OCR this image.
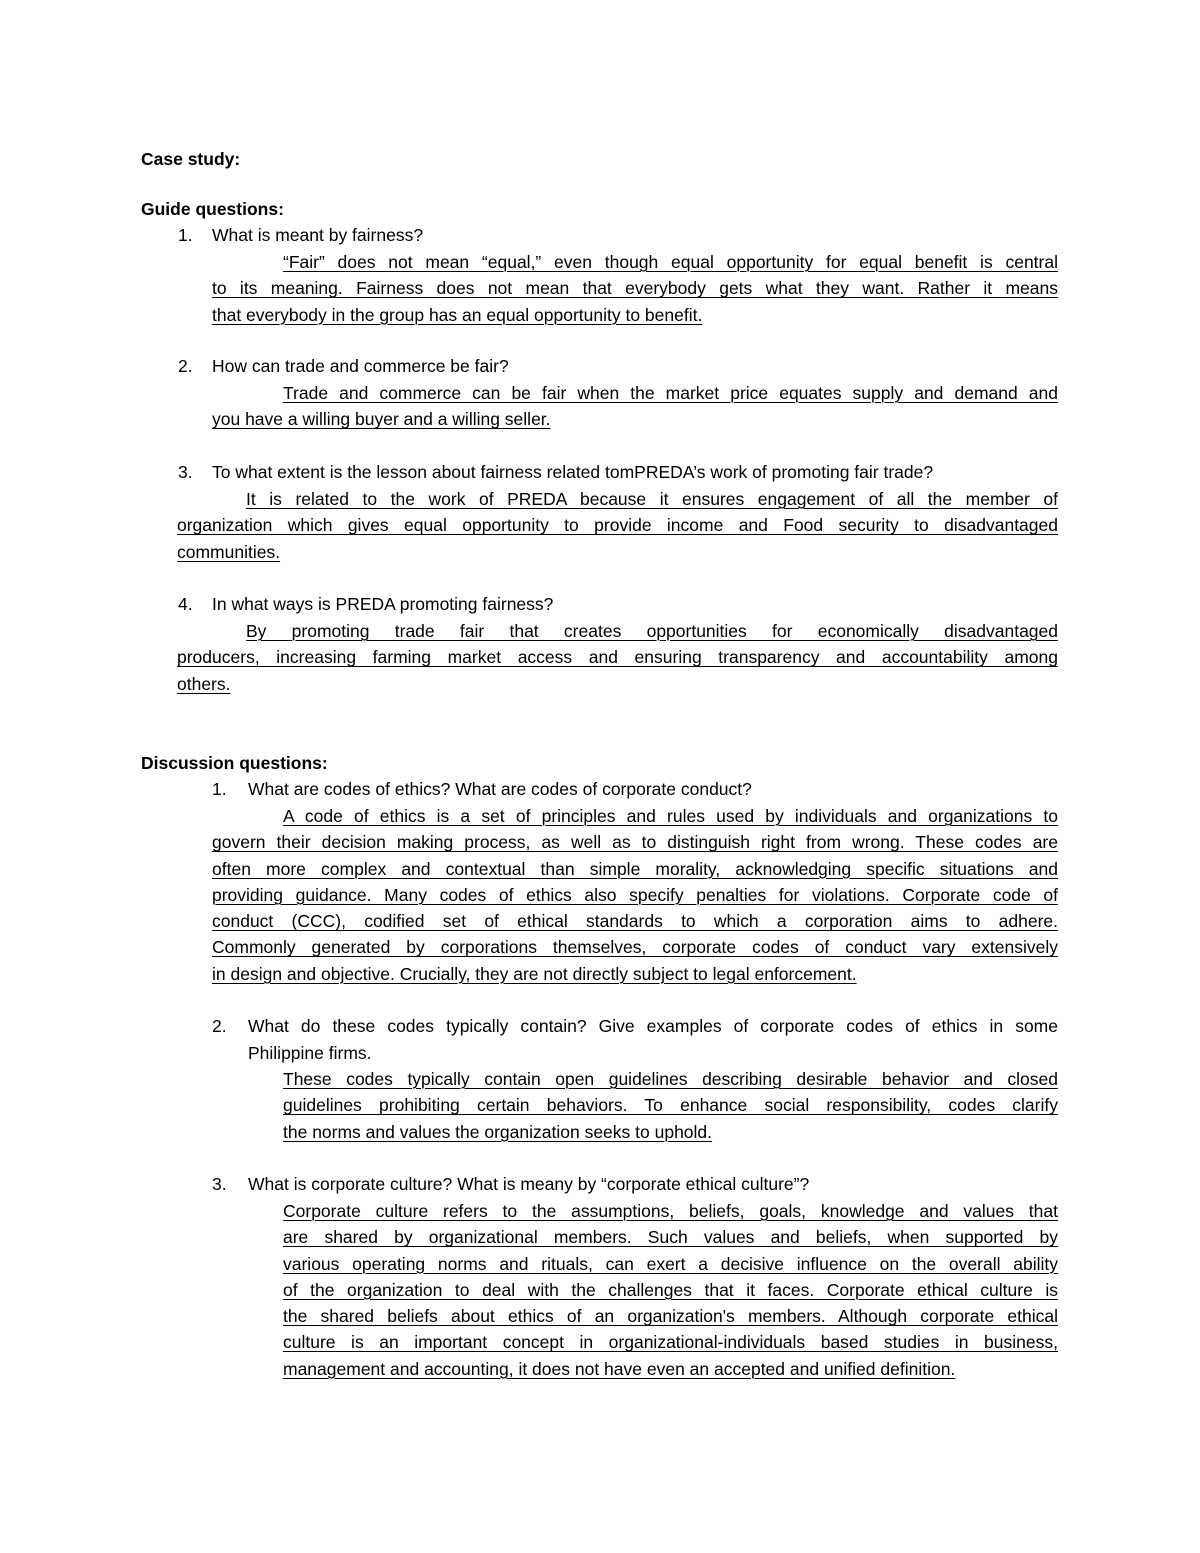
Case study:
Guide questions:
1.	What is meant by fairness?
“Fair” does not mean “equal,” even though equal opportunity for equal benefit is central
to its meaning. Fairness does not mean that everybody gets what they want. Rather it means
that everybody in the group has an equal opportunity to benefit.
2.	How can trade and commerce be fair?
Trade and commerce can be fair when the market price equates supply and demand and
you have a willing buyer and a willing seller.
3.	To what extent is the lesson about fairness related tomPREDA’s work of promoting fair trade?
It is related to the work of PREDA because it ensures engagement of all the member of
organization which gives equal opportunity to provide income and Food security to disadvantaged
communities.
4.	In what ways is PREDA promoting fairness?
By promoting trade fair that creates opportunities for economically disadvantaged
producers, increasing farming market access and ensuring transparency and accountability among
others.
Discussion questions:
1.	What are codes of ethics? What are codes of corporate conduct?
A code of ethics is a set of principles and rules used by individuals and organizations to
govern their decision making process, as well as to distinguish right from wrong. These codes are
often more complex and contextual than simple morality, acknowledging specific situations and
providing guidance. Many codes of ethics also specify penalties for violations. Corporate code of
conduct (CCC), codified set of ethical standards to which a corporation aims to adhere.
Commonly generated by corporations themselves, corporate codes of conduct vary extensively
in design and objective. Crucially, they are not directly subject to legal enforcement.
2.	What do these codes typically contain? Give examples of corporate codes of ethics in some
Philippine firms.
These codes typically contain open guidelines describing desirable behavior and closed
guidelines prohibiting certain behaviors. To enhance social responsibility, codes clarify
the norms and values the organization seeks to uphold.
3.	What is corporate culture? What is meany by “corporate ethical culture”?
Corporate culture refers to the assumptions, beliefs, goals, knowledge and values that
are shared by organizational members. Such values and beliefs, when supported by
various operating norms and rituals, can exert a decisive influence on the overall ability
of the organization to deal with the challenges that it faces. Corporate ethical culture is
the shared beliefs about ethics of an organization's members. Although corporate ethical
culture is an important concept in organizational-individuals based studies in business,
management and accounting, it does not have even an accepted and unified definition.
